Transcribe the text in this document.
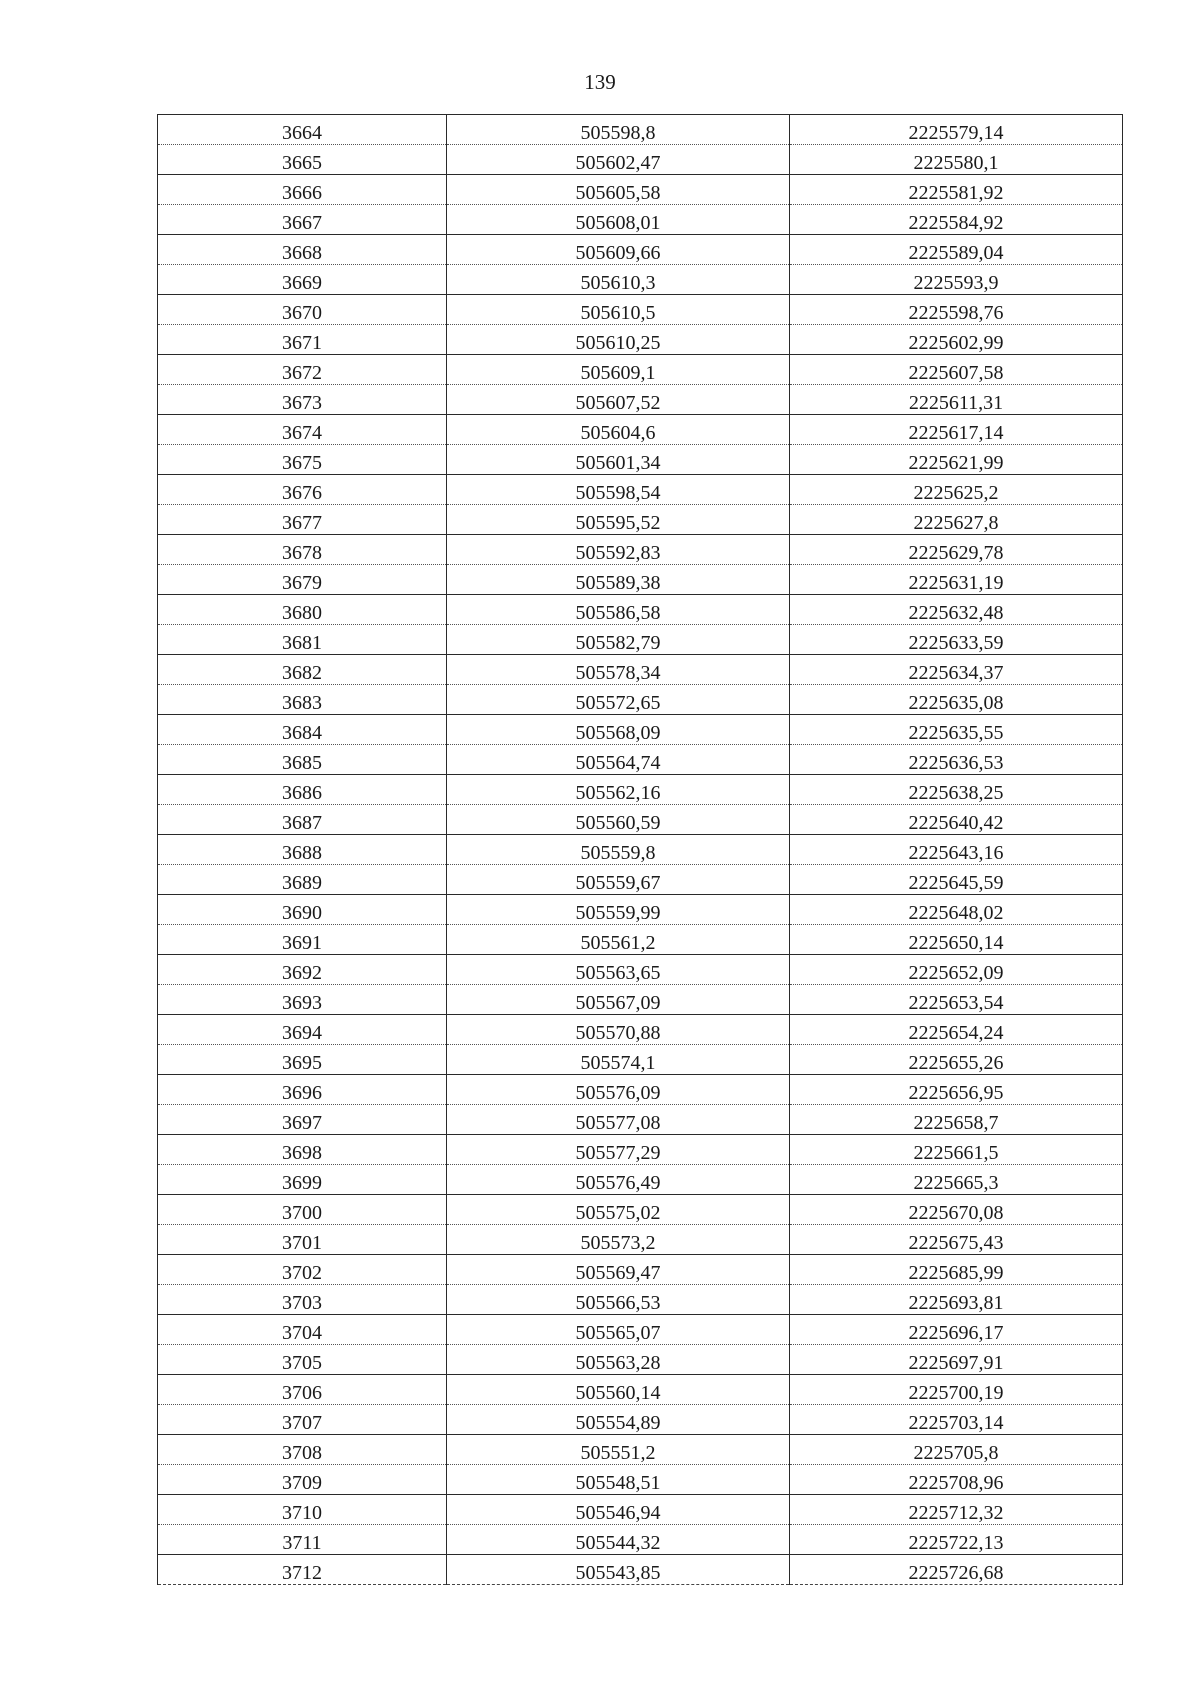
139
3664	505598,8	2225579,14
3665	505602,47	2225580,1
3666	505605,58	2225581,92
3667	505608,01	2225584,92
3668	505609,66	2225589,04
3669	505610,3	2225593,9
3670	505610,5	2225598,76
3671	505610,25	2225602,99
3672	505609,1	2225607,58
3673	505607,52	2225611,31
3674	505604,6	2225617,14
3675	505601,34	2225621,99
3676	505598,54	2225625,2
3677	505595,52	2225627,8
3678	505592,83	2225629,78
3679	505589,38	2225631,19
3680	505586,58	2225632,48
3681	505582,79	2225633,59
3682	505578,34	2225634,37
3683	505572,65	2225635,08
3684	505568,09	2225635,55
3685	505564,74	2225636,53
3686	505562,16	2225638,25
3687	505560,59	2225640,42
3688	505559,8	2225643,16
3689	505559,67	2225645,59
3690	505559,99	2225648,02
3691	505561,2	2225650,14
3692	505563,65	2225652,09
3693	505567,09	2225653,54
3694	505570,88	2225654,24
3695	505574,1	2225655,26
3696	505576,09	2225656,95
3697	505577,08	2225658,7
3698	505577,29	2225661,5
3699	505576,49	2225665,3
3700	505575,02	2225670,08
3701	505573,2	2225675,43
3702	505569,47	2225685,99
3703	505566,53	2225693,81
3704	505565,07	2225696,17
3705	505563,28	2225697,91
3706	505560,14	2225700,19
3707	505554,89	2225703,14
3708	505551,2	2225705,8
3709	505548,51	2225708,96
3710	505546,94	2225712,32
3711	505544,32	2225722,13
3712	505543,85	2225726,68
